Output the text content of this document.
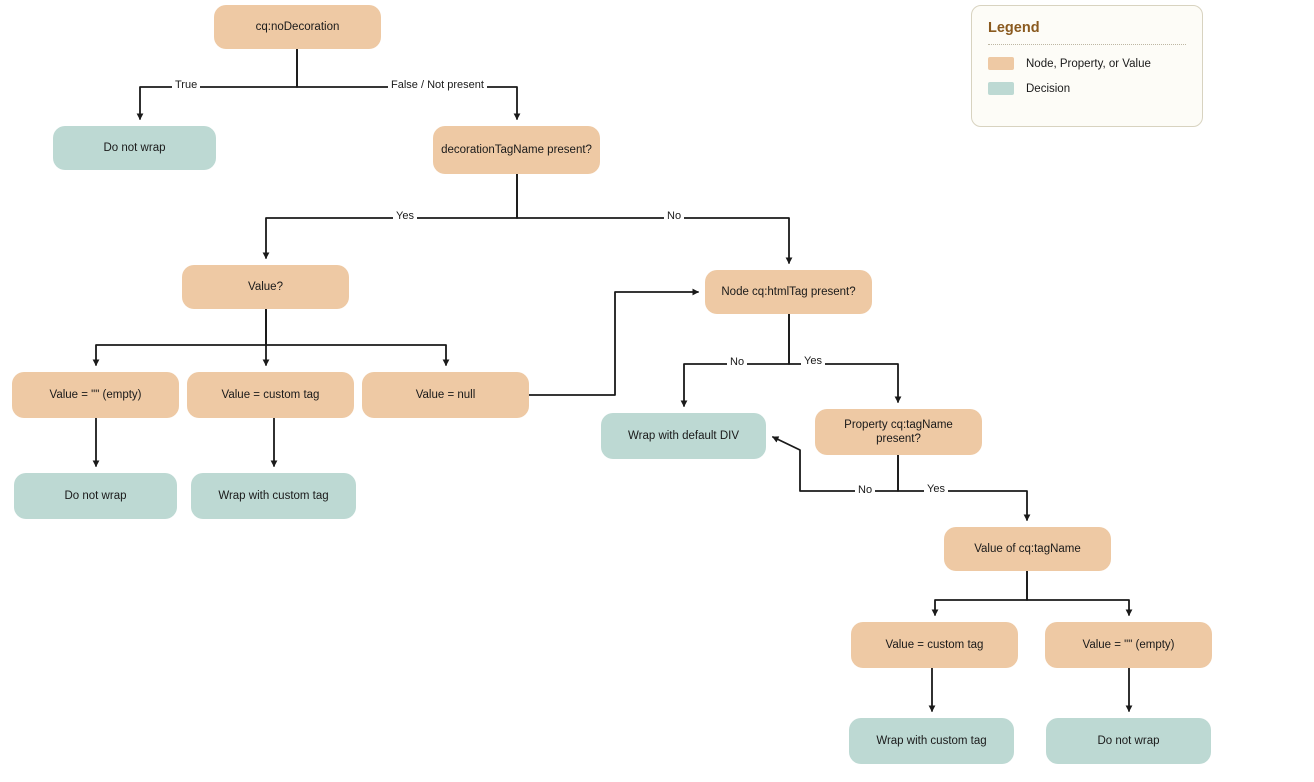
cq:noDecoration
Do not wrap	decorationTagName present?
Value?	Node cq:htmlTag present?
Value = "" (empty)	Value = custom tag	Value = null
Wrap with default DIV
Property cq:tagName present?
Do not wrap	Wrap with custom tag
Value of cq:tagName
Value = custom tag	Value = "" (empty)
Wrap with custom tag	Do not wrap
True	False / Not present
Yes	No
No	Yes
No	Yes
Legend
Node, Property, or Value
Decision
